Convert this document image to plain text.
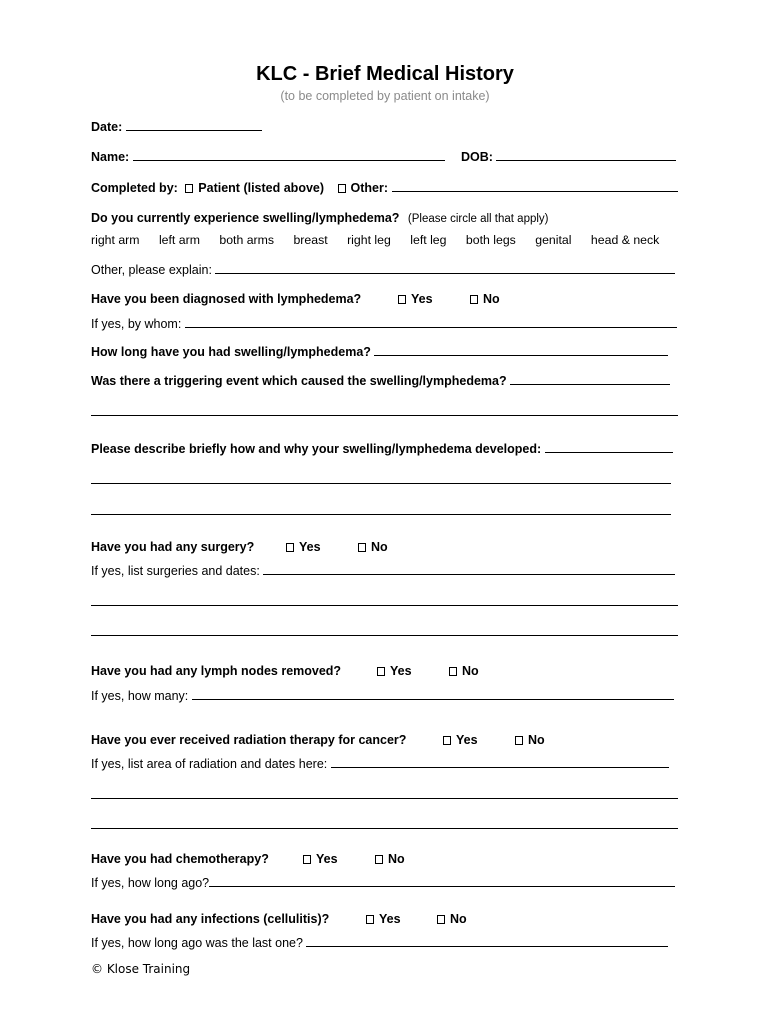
KLC - Brief Medical History
(to be completed by patient on intake)
Date:
Name:	DOB:
Completed by: Patient (listed above) Other:
Do you currently experience swelling/lymphedema? (Please circle all that apply)
right arm left arm both arms breast right leg left leg both legs genital head & neck
Other, please explain:
Have you been diagnosed with lymphedema?	Yes	No
If yes, by whom:
How long have you had swelling/lymphedema?
Was there a triggering event which caused the swelling/lymphedema?
Please describe briefly how and why your swelling/lymphedema developed:
Have you had any surgery?	Yes	No
If yes, list surgeries and dates:
Have you had any lymph nodes removed?	Yes	No
If yes, how many:
Have you ever received radiation therapy for cancer?	Yes	No
If yes, list area of radiation and dates here:
Have you had chemotherapy?	Yes	No
If yes, how long ago?
Have you had any infections (cellulitis)?	Yes	No
If yes, how long ago was the last one?
© Klose Training
